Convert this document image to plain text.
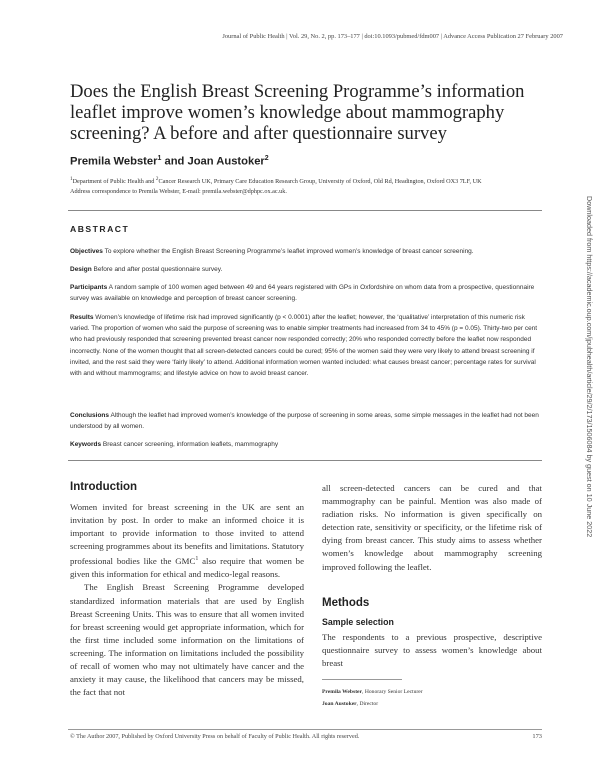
Journal of Public Health | Vol. 29, No. 2, pp. 173–177 | doi:10.1093/pubmed/fdm007 | Advance Access Publication 27 February 2007
Does the English Breast Screening Programme’s information leaflet improve women’s knowledge about mammography screening? A before and after questionnaire survey
Premila Webster$^1$ and Joan Austoker$^2$
$^1$Department of Public Health and $^2$Cancer Research UK, Primary Care Education Research Group, University of Oxford, Old Rd, Headington, Oxford OX3 7LF, UK
Address correspondence to Premila Webster, E-mail: premila.webster@dphpc.ox.ac.uk.
ABSTRACT

Objectives To explore whether the English Breast Screening Programme’s leaflet improved women’s knowledge of breast cancer screening.

Design Before and after postal questionnaire survey.

Participants A random sample of 100 women aged between 49 and 64 years registered with GPs in Oxfordshire on whom data from a prospective, questionnaire survey was available on knowledge and perception of breast cancer screening.

Results Women’s knowledge of lifetime risk had improved significantly (p < 0.0001) after the leaflet; however, the ‘qualitative’ interpretation of this numeric risk varied. The proportion of women who said the purpose of screening was to enable simpler treatments had increased from 34 to 45% (p = 0.05). Thirty-two per cent who had previously responded that screening prevented breast cancer now responded correctly; 20% who responded correctly before the leaflet now responded incorrectly. None of the women thought that all screen-detected cancers could be cured; 95% of the women said they were very likely to attend breast screening if invited, and the rest said they were ‘fairly likely’ to attend. Additional information women wanted included: what causes breast cancer; percentage rates for survival with and without mammograms; and lifestyle advice on how to avoid breast cancer.

Conclusions Although the leaflet had improved women’s knowledge of the purpose of screening in some areas, some simple messages in the leaflet had not been understood by all women.

Keywords Breast cancer screening, information leaflets, mammography

Introduction

Women invited for breast screening in the UK are sent an invitation by post. In order to make an informed choice it is important to provide information to those invited to attend screening programmes about its benefits and limitations. Statutory professional bodies like the GMC$^1$ also require that women be given this information for ethical and medico-legal reasons.

The English Breast Screening Programme developed standardized information materials that are used by English Breast Screening Units. This was to ensure that all women invited for breast screening would get appropriate information, which for the first time included some information on the limitations of screening. The information on limitations included the possibility of recall of women who may not ultimately have cancer and the anxiety it may cause, the likelihood that cancers may be missed, the fact that not

all screen-detected cancers can be cured and that mammography can be painful. Mention was also made of radiation risks. No information is given specifically on detection rate, sensitivity or specificity, or the lifetime risk of dying from breast cancer. This study aims to assess whether women’s knowledge about mammography screening improved following the leaflet.

Methods
Sample selection

The respondents to a previous prospective, descriptive questionnaire survey to assess women’s knowledge about breast

Premila Webster, Honorary Senior Lecturer
Joan Austoker, Director
Downloaded from https://academic.oup.com/jpubhealth/article/29/2/173/1506084 by guest on 10 June 2022
© The Author 2007, Published by Oxford University Press on behalf of Faculty of Public Health. All rights reserved.	173
